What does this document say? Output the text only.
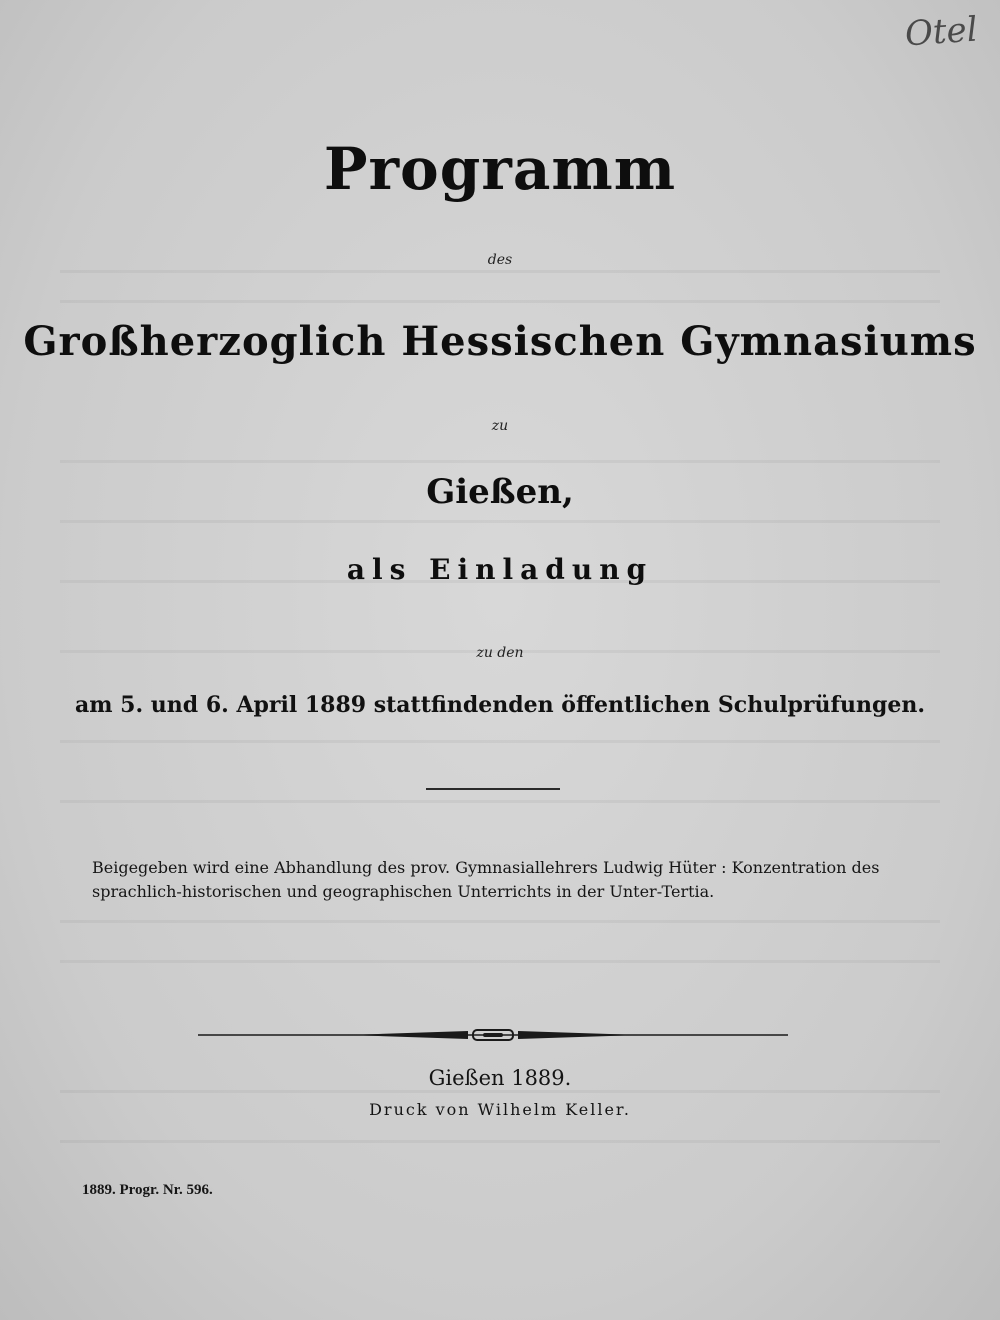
Otel
Programm
des
Großherzoglich Hessischen Gymnasiums
zu
Gießen,
als Einladung
zu den
am 5. und 6. April 1889 stattfindenden öffentlichen Schulprüfungen.
Beigegeben wird eine Abhandlung des prov. Gymnasiallehrers Ludwig Hüter : Konzentration des sprachlich-historischen und geographischen Unterrichts in der Unter-Tertia.
Gießen 1889.
Druck von Wilhelm Keller.
1889. Progr. Nr. 596.
